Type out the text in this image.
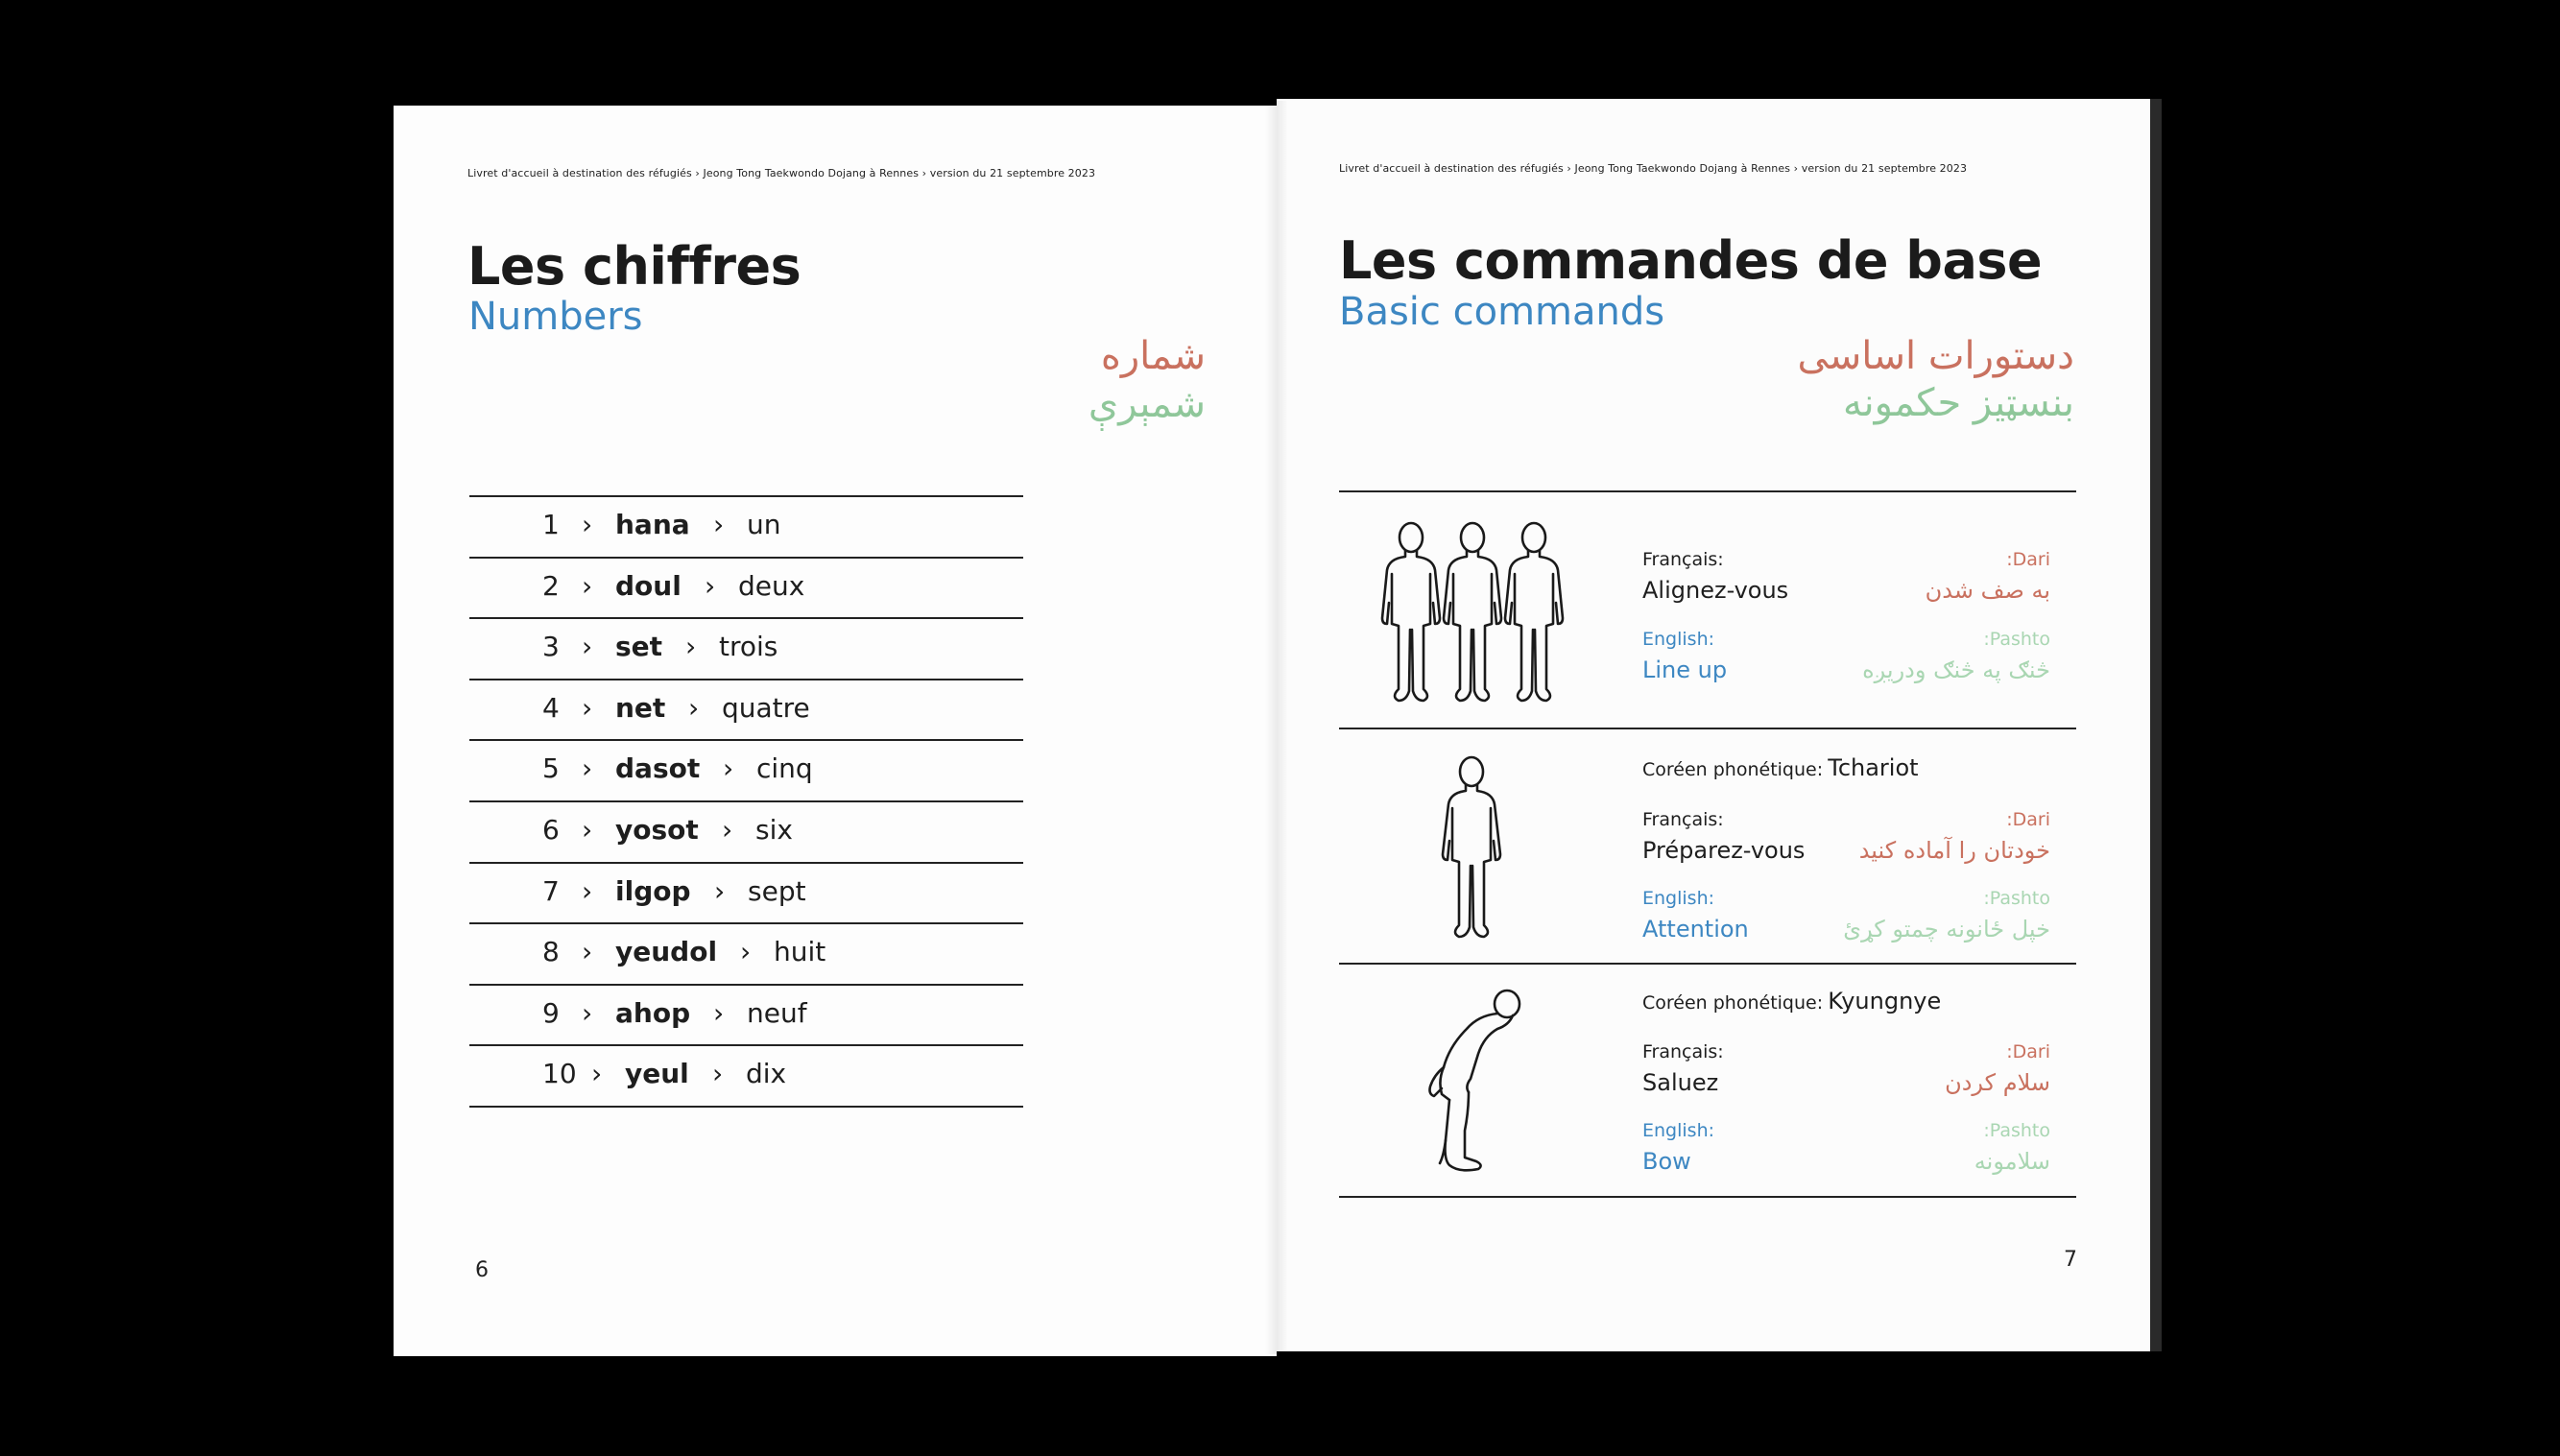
Livret d'accueil à destination des réfugiés › Jeong Tong Taekwondo Dojang à Rennes › version du 21 septembre 2023
Les chiffres
Numbers
شماره
شمېرې
1 › hana › un
2 › doul › deux
3 › set › trois
4 › net › quatre
5 › dasot › cinq
6 › yosot › six
7 › ilgop › sept
8 › yeudol › huit
9 › ahop › neuf
10 › yeul › dix
6
Livret d'accueil à destination des réfugiés › Jeong Tong Taekwondo Dojang à Rennes › version du 21 septembre 2023
Les commandes de base
Basic commands
دستورات اساسی
بنسټيز حکمونه
Français:
Alignez-vous
English:
Line up
Dari:
به صف شدن
Pashto:
څنګ په څنګ ودریږه
Coréen phonétique: Tchariot
Français:
Préparez-vous
English:
Attention
Dari:
خودتان را آماده کنید
Pashto:
خپل ځانونه چمتو کړئ
Coréen phonétique: Kyungnye
Français:
Saluez
English:
Bow
Dari:
سلام کردن
Pashto:
سلامونه
7
